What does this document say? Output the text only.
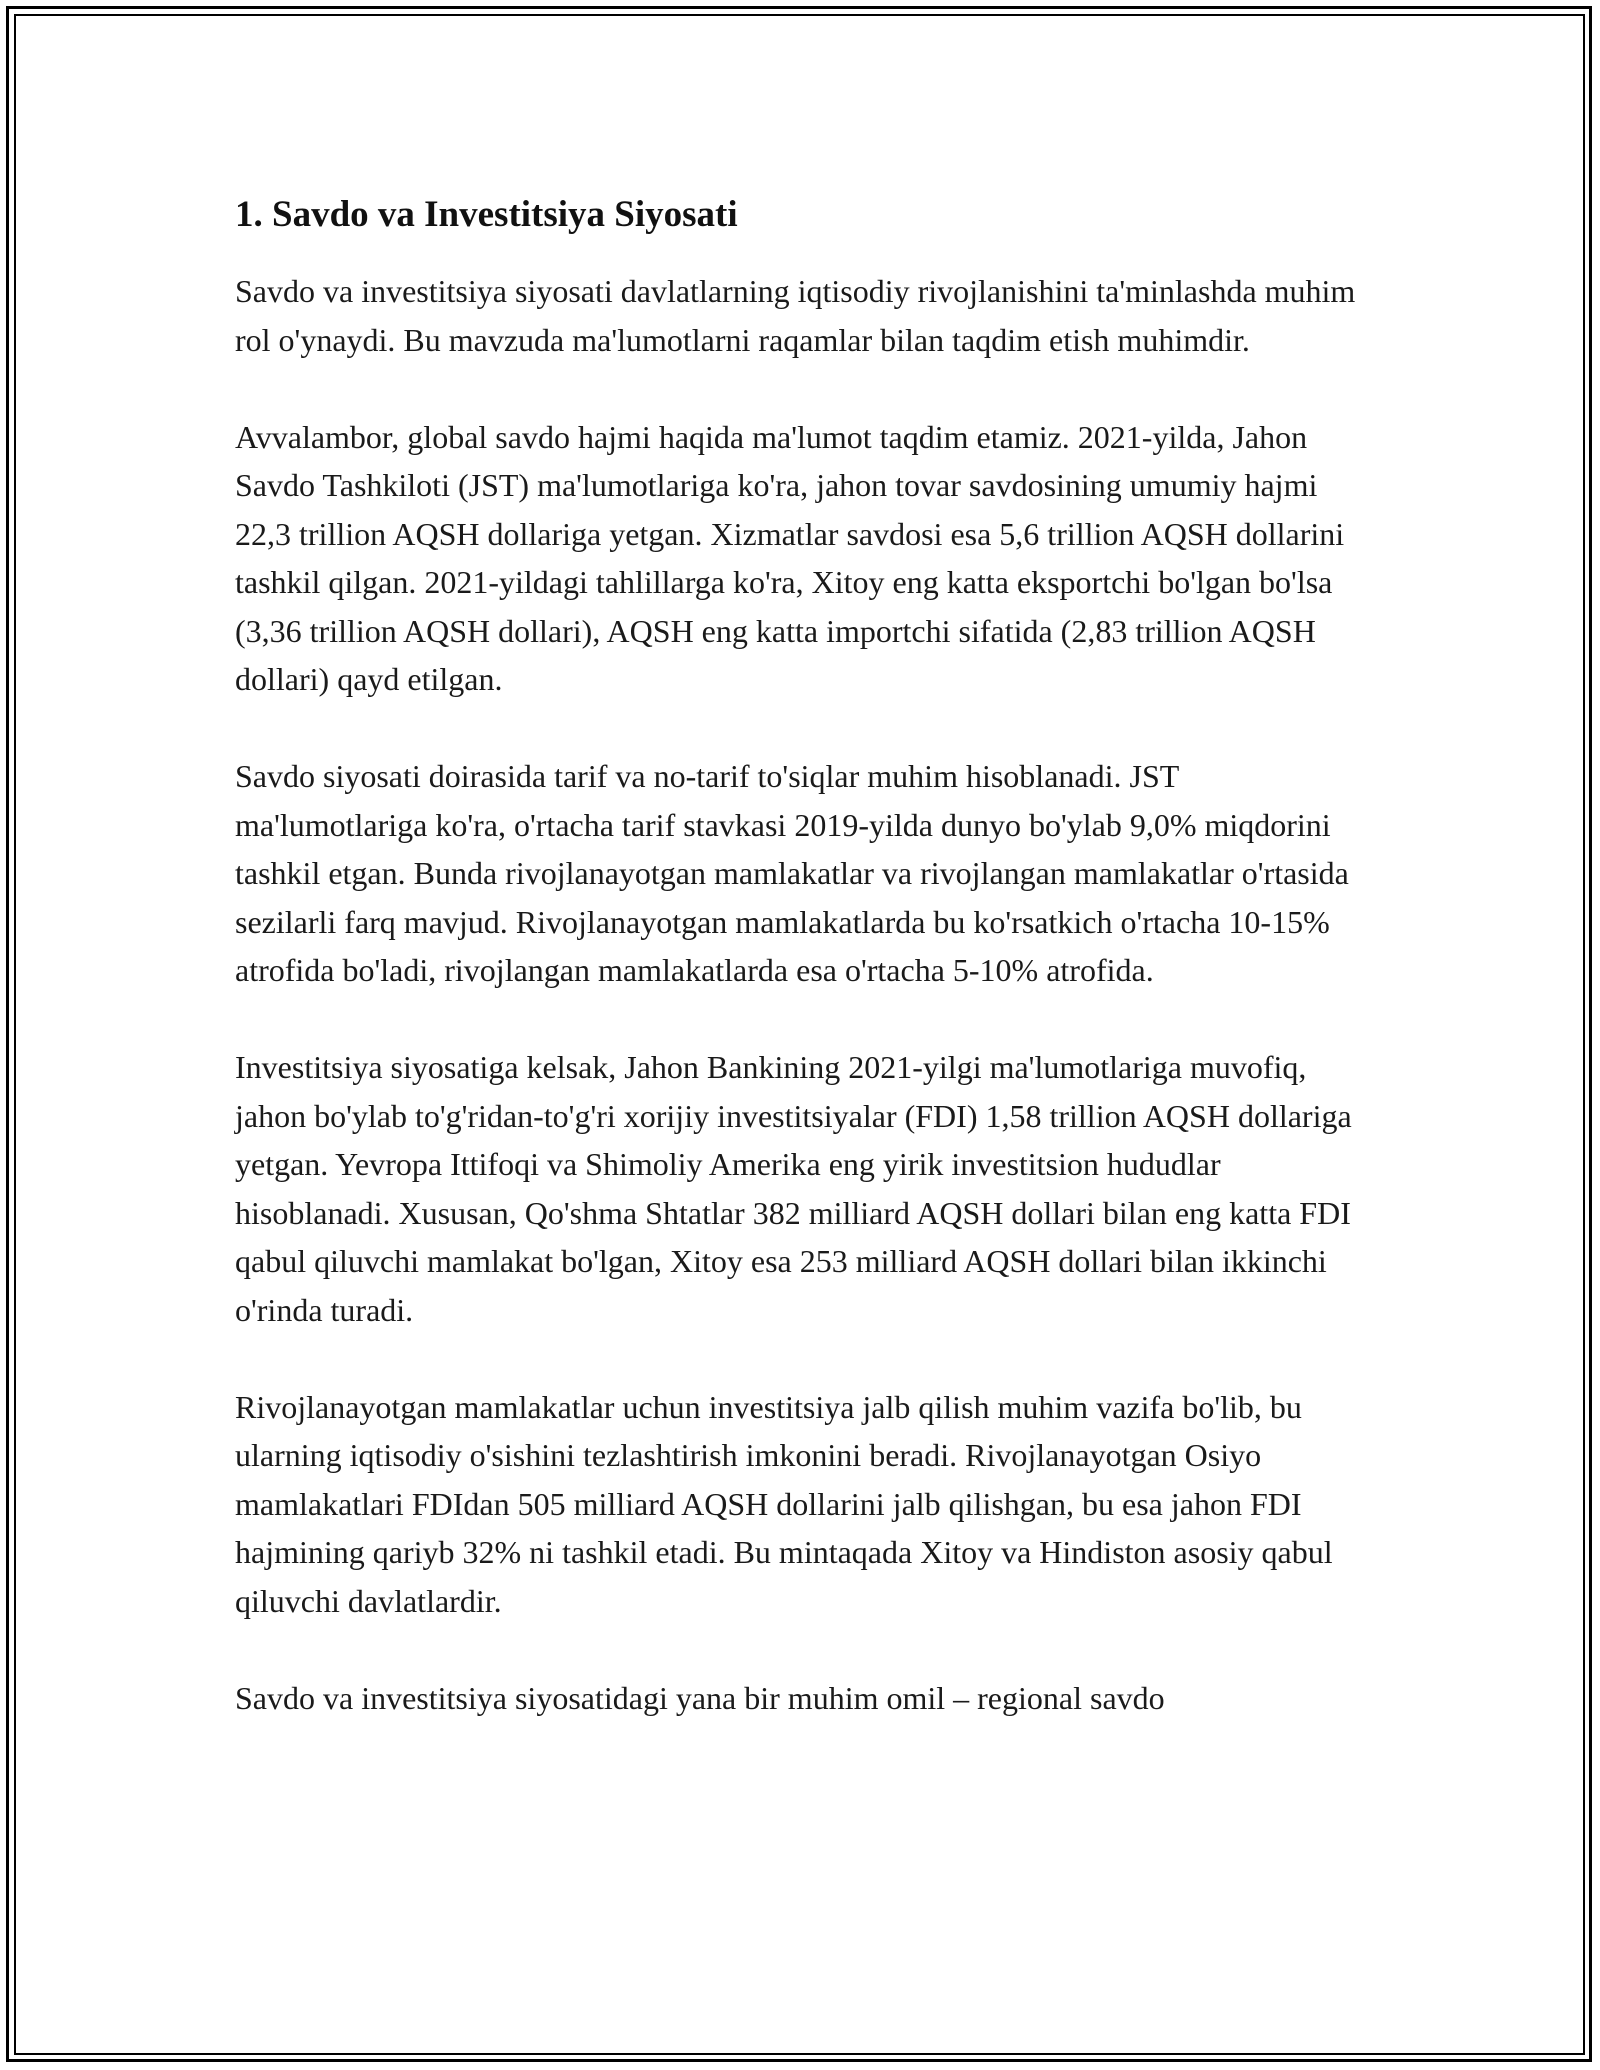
1. Savdo va Investitsiya Siyosati

Savdo va investitsiya siyosati davlatlarning iqtisodiy rivojlanishini ta'minlashda muhim rol o'ynaydi. Bu mavzuda ma'lumotlarni raqamlar bilan taqdim etish muhimdir.

Avvalambor, global savdo hajmi haqida ma'lumot taqdim etamiz. 2021-yilda, Jahon Savdo Tashkiloti (JST) ma'lumotlariga ko'ra, jahon tovar savdosining umumiy hajmi 22,3 trillion AQSH dollariga yetgan. Xizmatlar savdosi esa 5,6 trillion AQSH dollarini tashkil qilgan. 2021-yildagi tahlillarga ko'ra, Xitoy eng katta eksportchi bo'lgan bo'lsa (3,36 trillion AQSH dollari), AQSH eng katta importchi sifatida (2,83 trillion AQSH dollari) qayd etilgan.

Savdo siyosati doirasida tarif va no-tarif to'siqlar muhim hisoblanadi. JST ma'lumotlariga ko'ra, o'rtacha tarif stavkasi 2019-yilda dunyo bo'ylab 9,0% miqdorini tashkil etgan. Bunda rivojlanayotgan mamlakatlar va rivojlangan mamlakatlar o'rtasida sezilarli farq mavjud. Rivojlanayotgan mamlakatlarda bu ko'rsatkich o'rtacha 10-15% atrofida bo'ladi, rivojlangan mamlakatlarda esa o'rtacha 5-10% atrofida.

Investitsiya siyosatiga kelsak, Jahon Bankining 2021-yilgi ma'lumotlariga muvofiq, jahon bo'ylab to'g'ridan-to'g'ri xorijiy investitsiyalar (FDI) 1,58 trillion AQSH dollariga yetgan. Yevropa Ittifoqi va Shimoliy Amerika eng yirik investitsion hududlar hisoblanadi. Xususan, Qo'shma Shtatlar 382 milliard AQSH dollari bilan eng katta FDI qabul qiluvchi mamlakat bo'lgan, Xitoy esa 253 milliard AQSH dollari bilan ikkinchi o'rinda turadi.

Rivojlanayotgan mamlakatlar uchun investitsiya jalb qilish muhim vazifa bo'lib, bu ularning iqtisodiy o'sishini tezlashtirish imkonini beradi. Rivojlanayotgan Osiyo mamlakatlari FDIdan 505 milliard AQSH dollarini jalb qilishgan, bu esa jahon FDI hajmining qariyb 32% ni tashkil etadi. Bu mintaqada Xitoy va Hindiston asosiy qabul qiluvchi davlatlardir.

Savdo va investitsiya siyosatidagi yana bir muhim omil – regional savdo
